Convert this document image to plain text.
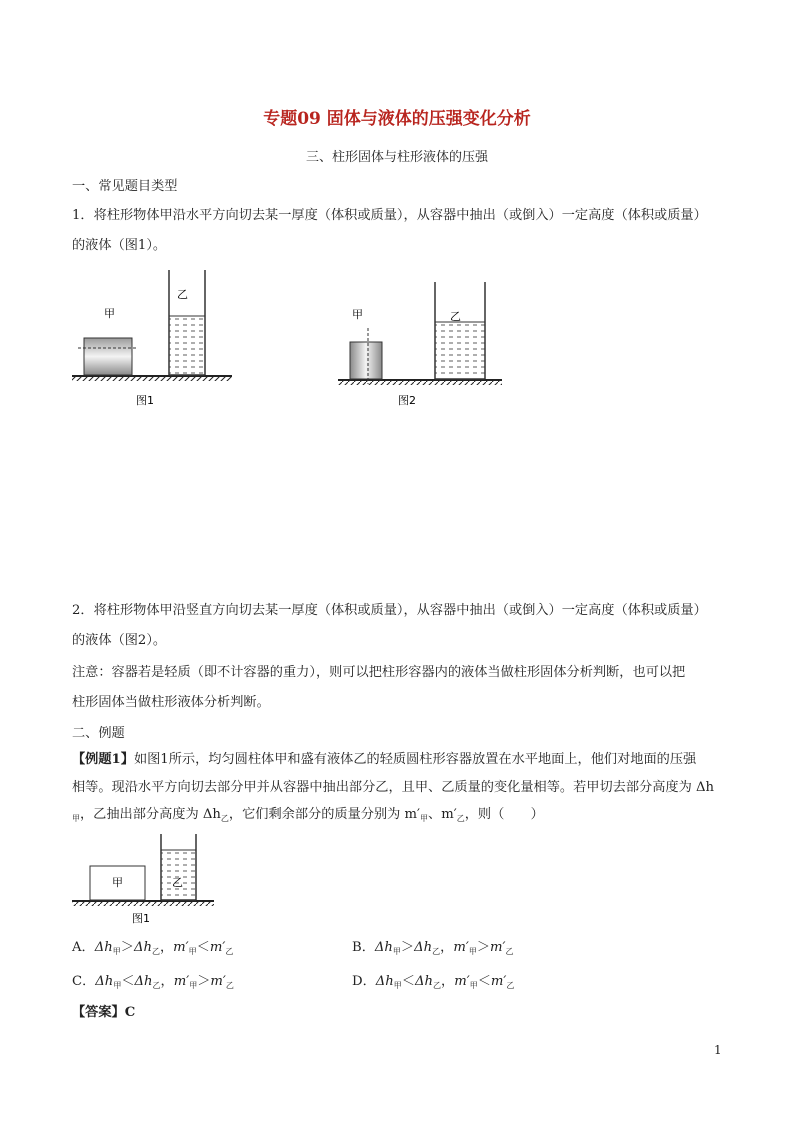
专题09 固体与液体的压强变化分析
三、柱形固体与柱形液体的压强
一、常见题目类型
1．将柱形物体甲沿水平方向切去某一厚度（体积或质量），从容器中抽出（或倒入）一定高度（体积或质量）
的液体（图1）。
甲
乙
图1
甲	乙
图2
2．将柱形物体甲沿竖直方向切去某一厚度（体积或质量），从容器中抽出（或倒入）一定高度（体积或质量）
的液体（图2）。
注意：容器若是轻质（即不计容器的重力），则可以把柱形容器内的液体当做柱形固体分析判断，也可以把
柱形固体当做柱形液体分析判断。
二、例题
【例题1】如图1所示，均匀圆柱体甲和盛有液体乙的轻质圆柱形容器放置在水平地面上，他们对地面的压强
相等。现沿水平方向切去部分甲并从容器中抽出部分乙，且甲、乙质量的变化量相等。若甲切去部分高度为 Δh
$_甲$，乙抽出部分高度为 $\Delta h_乙$，它们剩余部分的质量分别为 $m'_甲$、$m'_乙$，则（　　）
甲	乙
图1
A．$\Delta h_甲>\Delta h_乙$，$m'_甲<m'_乙$	B．$\Delta h_甲>\Delta h_乙$，$m'_甲>m'_乙$
C．$\Delta h_甲<\Delta h_乙$，$m'_甲>m'_乙$	D．$\Delta h_甲<\Delta h_乙$，$m'_甲<m'_乙$
【答案】C
1
